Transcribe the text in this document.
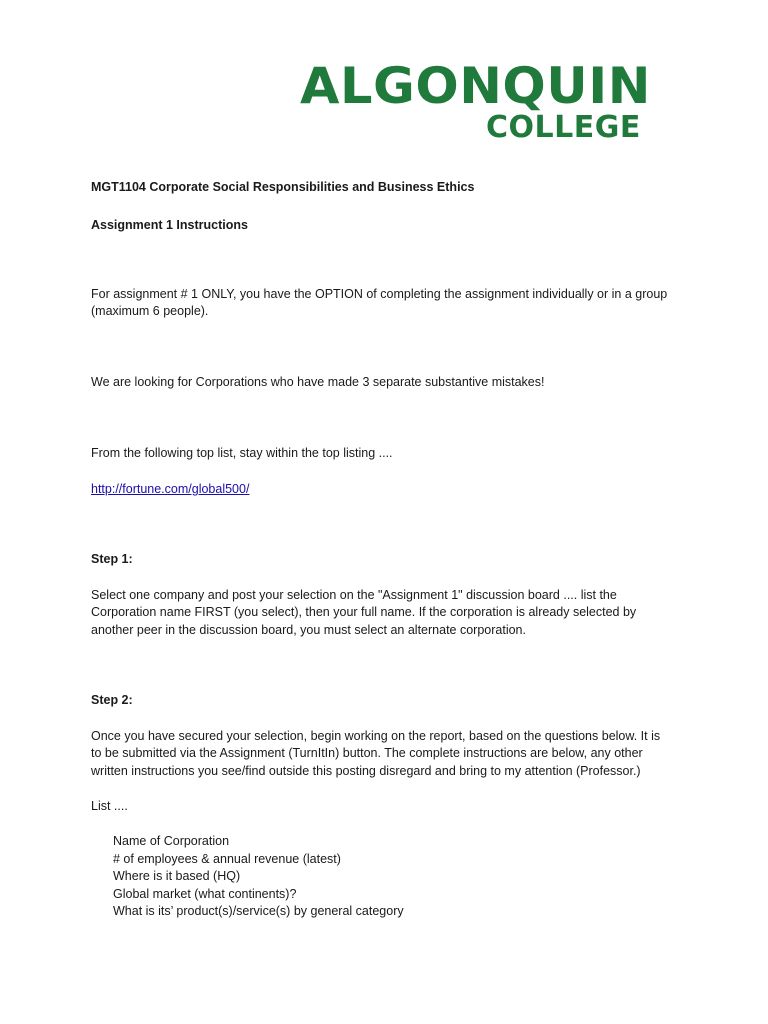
ALGONQUIN
COLLEGE
MGT1104 Corporate Social Responsibilities and Business Ethics
Assignment 1 Instructions
For assignment # 1 ONLY, you have the OPTION of completing the assignment individually or in a group
(maximum 6 people).
We are looking for Corporations who have made 3 separate substantive mistakes!
From the following top list, stay within the top listing ....
http://fortune.com/global500/
Step 1:
Select one company and post your selection on the "Assignment 1" discussion board .... list the
Corporation name FIRST (you select), then your full name. If the corporation is already selected by
another peer in the discussion board, you must select an alternate corporation.
Step 2:
Once you have secured your selection, begin working on the report, based on the questions below. It is
to be submitted via the Assignment (TurnItIn) button. The complete instructions are below, any other
written instructions you see/find outside this posting disregard and bring to my attention (Professor.)
List ....
Name of Corporation
# of employees & annual revenue (latest)
Where is it based (HQ)
Global market (what continents)?
What is its’ product(s)/service(s) by general category
